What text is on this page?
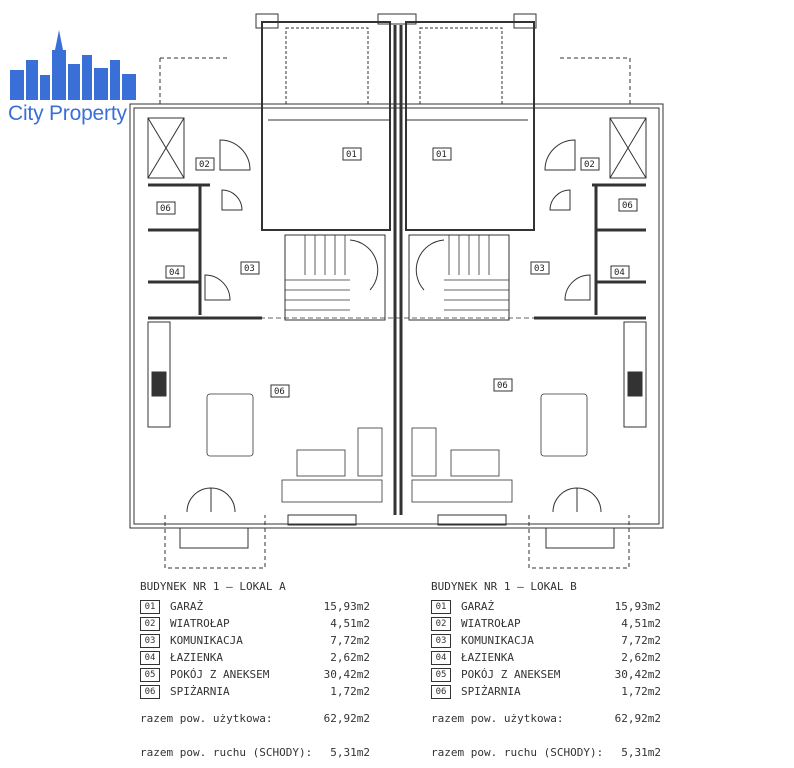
01	01
02	02
03	03
04	04
06	06
06
06
City Property
BUDYNEK NR 1 – LOKAL A
01	GARAŻ	15,93m2
02	WIATROŁAP	4,51m2
03	KOMUNIKACJA	7,72m2
04	ŁAZIENKA	2,62m2
05	POKÓJ Z ANEKSEM	30,42m2
06	SPIŻARNIA	1,72m2
razem pow. użytkowa:	62,92m2
razem pow. ruchu (SCHODY): 5,31m2
BUDYNEK NR 1 – LOKAL B
01	GARAŻ	15,93m2
02	WIATROŁAP	4,51m2
03	KOMUNIKACJA	7,72m2
04	ŁAZIENKA	2,62m2
05	POKÓJ Z ANEKSEM	30,42m2
06	SPIŻARNIA	1,72m2
razem pow. użytkowa:	62,92m2
razem pow. ruchu (SCHODY): 5,31m2
